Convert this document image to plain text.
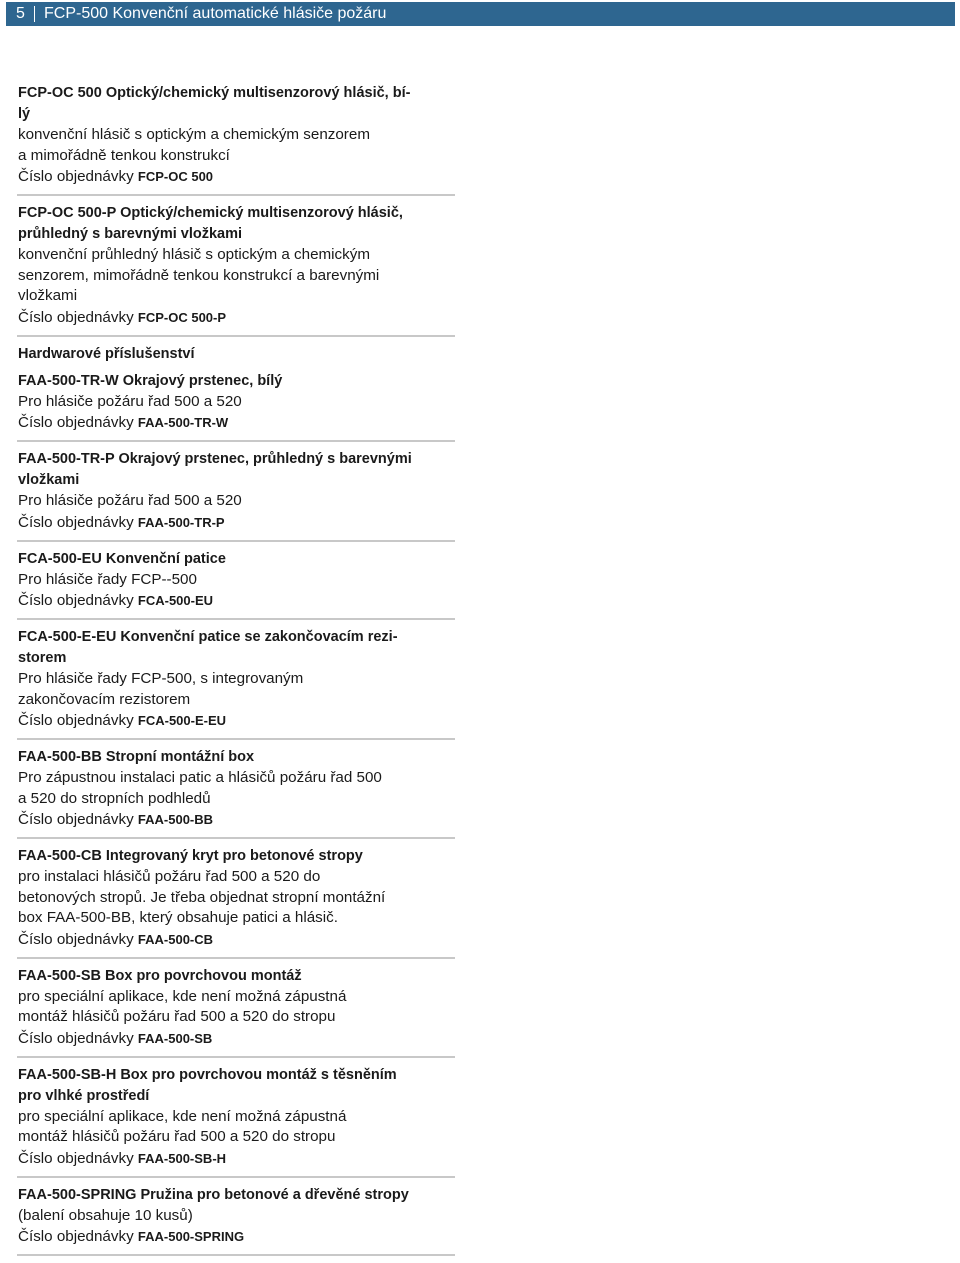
5 FCP-500 Konvenční automatické hlásiče požáru
FCP-OC 500 Optický/chemický multisenzorový hlásič, bí-
lý
konvenční hlásič s optickým a chemickým senzorem
a mimořádně tenkou konstrukcí
Číslo objednávky FCP-OC 500
FCP-OC 500-P Optický/chemický multisenzorový hlásič,
průhledný s barevnými vložkami
konvenční průhledný hlásič s optickým a chemickým
senzorem, mimořádně tenkou konstrukcí a barevnými
vložkami
Číslo objednávky FCP-OC 500-P
Hardwarové příslušenství
FAA-500-TR-W Okrajový prstenec, bílý
Pro hlásiče požáru řad 500 a 520
Číslo objednávky FAA-500-TR-W
FAA-500-TR-P Okrajový prstenec, průhledný s barevnými
vložkami
Pro hlásiče požáru řad 500 a 520
Číslo objednávky FAA-500-TR-P
FCA-500-EU Konvenční patice
Pro hlásiče řady FCP--500
Číslo objednávky FCA-500-EU
FCA-500-E-EU Konvenční patice se zakončovacím rezi-
storem
Pro hlásiče řady FCP-500, s integrovaným
zakončovacím rezistorem
Číslo objednávky FCA-500-E-EU
FAA-500-BB Stropní montážní box
Pro zápustnou instalaci patic a hlásičů požáru řad 500
a 520 do stropních podhledů
Číslo objednávky FAA-500-BB
FAA-500-CB Integrovaný kryt pro betonové stropy
pro instalaci hlásičů požáru řad 500 a 520 do
betonových stropů. Je třeba objednat stropní montážní
box FAA-500-BB, který obsahuje patici a hlásič.
Číslo objednávky FAA-500-CB
FAA-500-SB Box pro povrchovou montáž
pro speciální aplikace, kde není možná zápustná
montáž hlásičů požáru řad 500 a 520 do stropu
Číslo objednávky FAA-500-SB
FAA-500-SB-H Box pro povrchovou montáž s těsněním
pro vlhké prostředí
pro speciální aplikace, kde není možná zápustná
montáž hlásičů požáru řad 500 a 520 do stropu
Číslo objednávky FAA-500-SB-H
FAA-500-SPRING Pružina pro betonové a dřevěné stropy
(balení obsahuje 10 kusů)
Číslo objednávky FAA-500-SPRING
